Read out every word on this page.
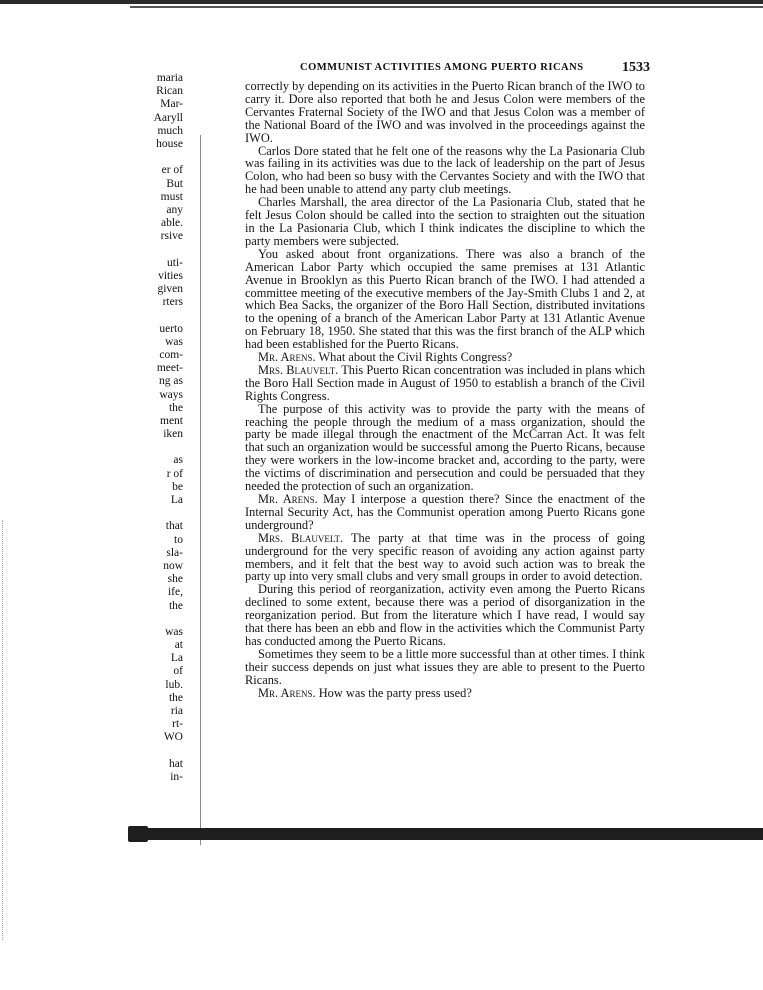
COMMUNIST ACTIVITIES AMONG PUERTO RICANS	1533
maria
Rican
Mar-
Aaryll
much
house
er of
But
must
any
able.
rsive
uti-
vities
given
rters
uerto
was
com-
meet-
ng as
ways
the
ment
iken
as
r of
be
La
that
to
sla-
now
she
ife,
the
was
at
La
of
lub.
the
ria
rt-
WO
hat
in-

correctly by depending on its activities in the Puerto Rican branch of the IWO to carry it. Dore also reported that both he and Jesus Colon were members of the Cervantes Fraternal Society of the IWO and that Jesus Colon was a member of the National Board of the IWO and was involved in the proceedings against the IWO.

Carlos Dore stated that he felt one of the reasons why the La Pasionaria Club was failing in its activities was due to the lack of leadership on the part of Jesus Colon, who had been so busy with the Cervantes Society and with the IWO that he had been unable to attend any party club meetings.

Charles Marshall, the area director of the La Pasionaria Club, stated that he felt Jesus Colon should be called into the section to straighten out the situation in the La Pasionaria Club, which I think indicates the discipline to which the party members were subjected.

You asked about front organizations. There was also a branch of the American Labor Party which occupied the same premises at 131 Atlantic Avenue in Brooklyn as this Puerto Rican branch of the IWO. I had attended a committee meeting of the executive members of the Jay-Smith Clubs 1 and 2, at which Bea Sacks, the organizer of the Boro Hall Section, distributed invitations to the opening of a branch of the American Labor Party at 131 Atlantic Avenue on February 18, 1950. She stated that this was the first branch of the ALP which had been established for the Puerto Ricans.

Mr. Arens. What about the Civil Rights Congress?

Mrs. Blauvelt. This Puerto Rican concentration was included in plans which the Boro Hall Section made in August of 1950 to establish a branch of the Civil Rights Congress.

The purpose of this activity was to provide the party with the means of reaching the people through the medium of a mass organization, should the party be made illegal through the enactment of the McCarran Act. It was felt that such an organization would be successful among the Puerto Ricans, because they were workers in the low-income bracket and, according to the party, were the victims of discrimination and persecution and could be persuaded that they needed the protection of such an organization.

Mr. Arens. May I interpose a question there? Since the enactment of the Internal Security Act, has the Communist operation among Puerto Ricans gone underground?

Mrs. Blauvelt. The party at that time was in the process of going underground for the very specific reason of avoiding any action against party members, and it felt that the best way to avoid such action was to break the party up into very small clubs and very small groups in order to avoid detection.

During this period of reorganization, activity even among the Puerto Ricans declined to some extent, because there was a period of disorganization in the reorganization period. But from the literature which I have read, I would say that there has been an ebb and flow in the activities which the Communist Party has conducted among the Puerto Ricans.

Sometimes they seem to be a little more successful than at other times. I think their success depends on just what issues they are able to present to the Puerto Ricans.

Mr. Arens. How was the party press used?
